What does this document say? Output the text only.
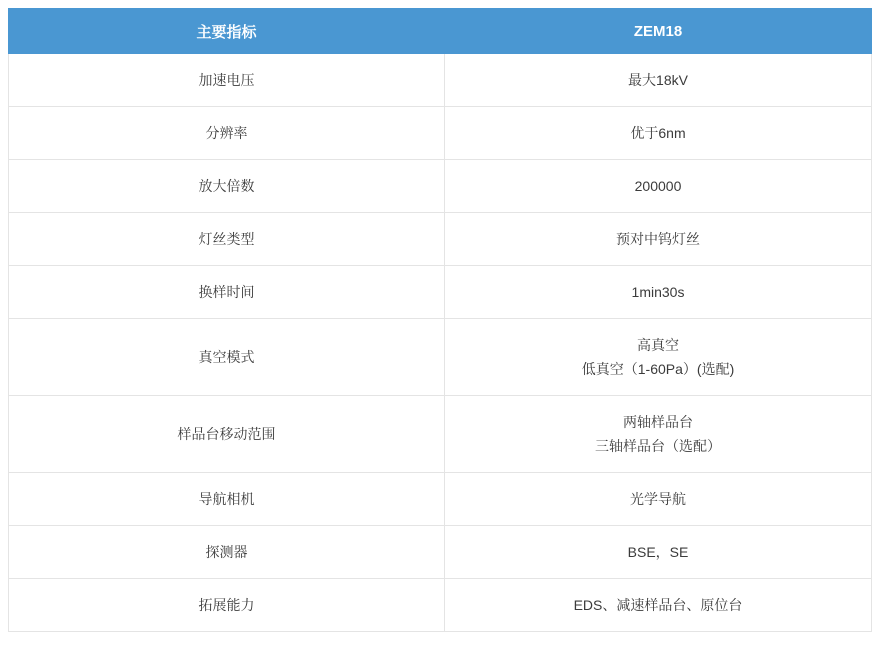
主要指标	ZEM18
加速电压	最大18kV

分辨率	优于6nm

放大倍数	200000

灯丝类型	预对中钨灯丝

换样时间	1min30s

真空模式	高真空
低真空（1-60Pa）(选配)

样品台移动范围	两轴样品台
三轴样品台（选配）

导航相机	光学导航

探测器	BSE，SE

拓展能力	EDS、减速样品台、原位台
